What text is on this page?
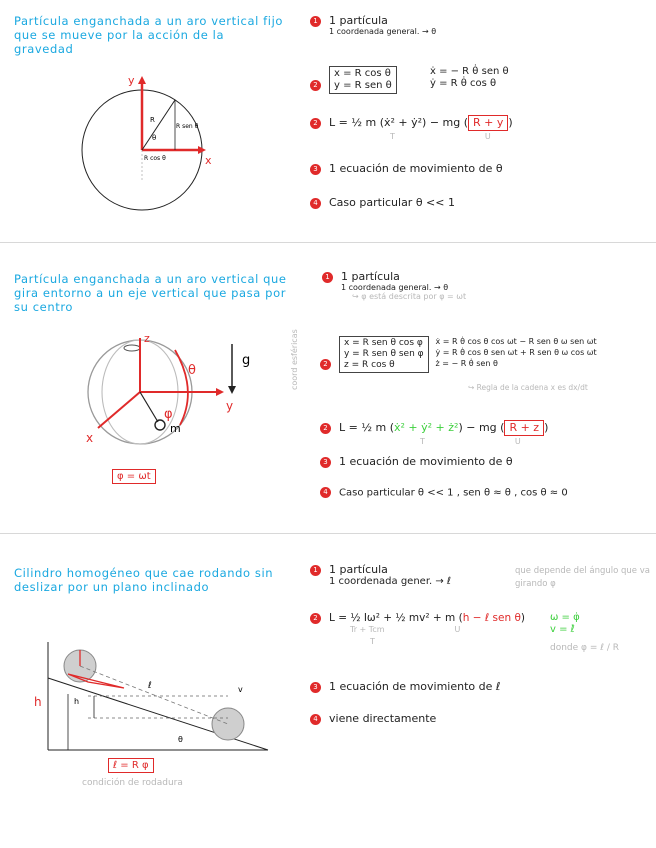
Partícula enganchada a un aro vertical fijo que se mueve por la acción de la gravedad
y
x
R
θ
R sen θ
R cos θ
1 1 partícula
1 coordenada general. → θ
2x = R cos θ
y = R sen θ ẋ = − R θ̇ sen θ
ẏ = R θ̇ cos θ
2 L = ½ m (ẋ² + ẏ²) − mg ( R + y )
T	U
3 1 ecuación de movimiento de θ
4 Caso particular θ << 1
Partícula enganchada a un aro vertical que gira entorno a un eje vertical que pasa por su centro
z
y
x
θ
φ
m
g
φ = ωt
1 1 partícula
1 coordenada general. → θ
↪ φ está descrita por φ = ωt
coord esféricas	2x = R sen θ cos φ
y = R sen θ sen φ
z = R cos θ ẋ = R θ̇ cos θ cos ωt − R sen θ ω sen ωt
ẏ = R θ̇ cos θ sen ωt + R sen θ ω cos ωt
ż = − R θ̇ sen θ
↪ Regla de la cadena x es dx/dt
2 L = ½ m (ẋ² + ẏ² + ż²) − mg ( R + z )
T	U
3 1 ecuación de movimiento de θ
4 Caso particular θ << 1 , sen θ ≈ θ , cos θ ≈ 0
Cilindro homogéneo que cae rodando sin deslizar por un plano inclinado
h	h
ℓ	v
θ
ℓ = R φ
condición de rodadura
1 1 partícula
1 coordenada gener. → ℓ
que depende del ángulo que va girando φ
2 L = ½ Iω² + ½ mv² + m (h − ℓ sen θ)
Tr + Tcm	U
T
ω = φ̇
v = ℓ̇
donde φ = ℓ / R
3 1 ecuación de movimiento de ℓ
4 viene directamente
